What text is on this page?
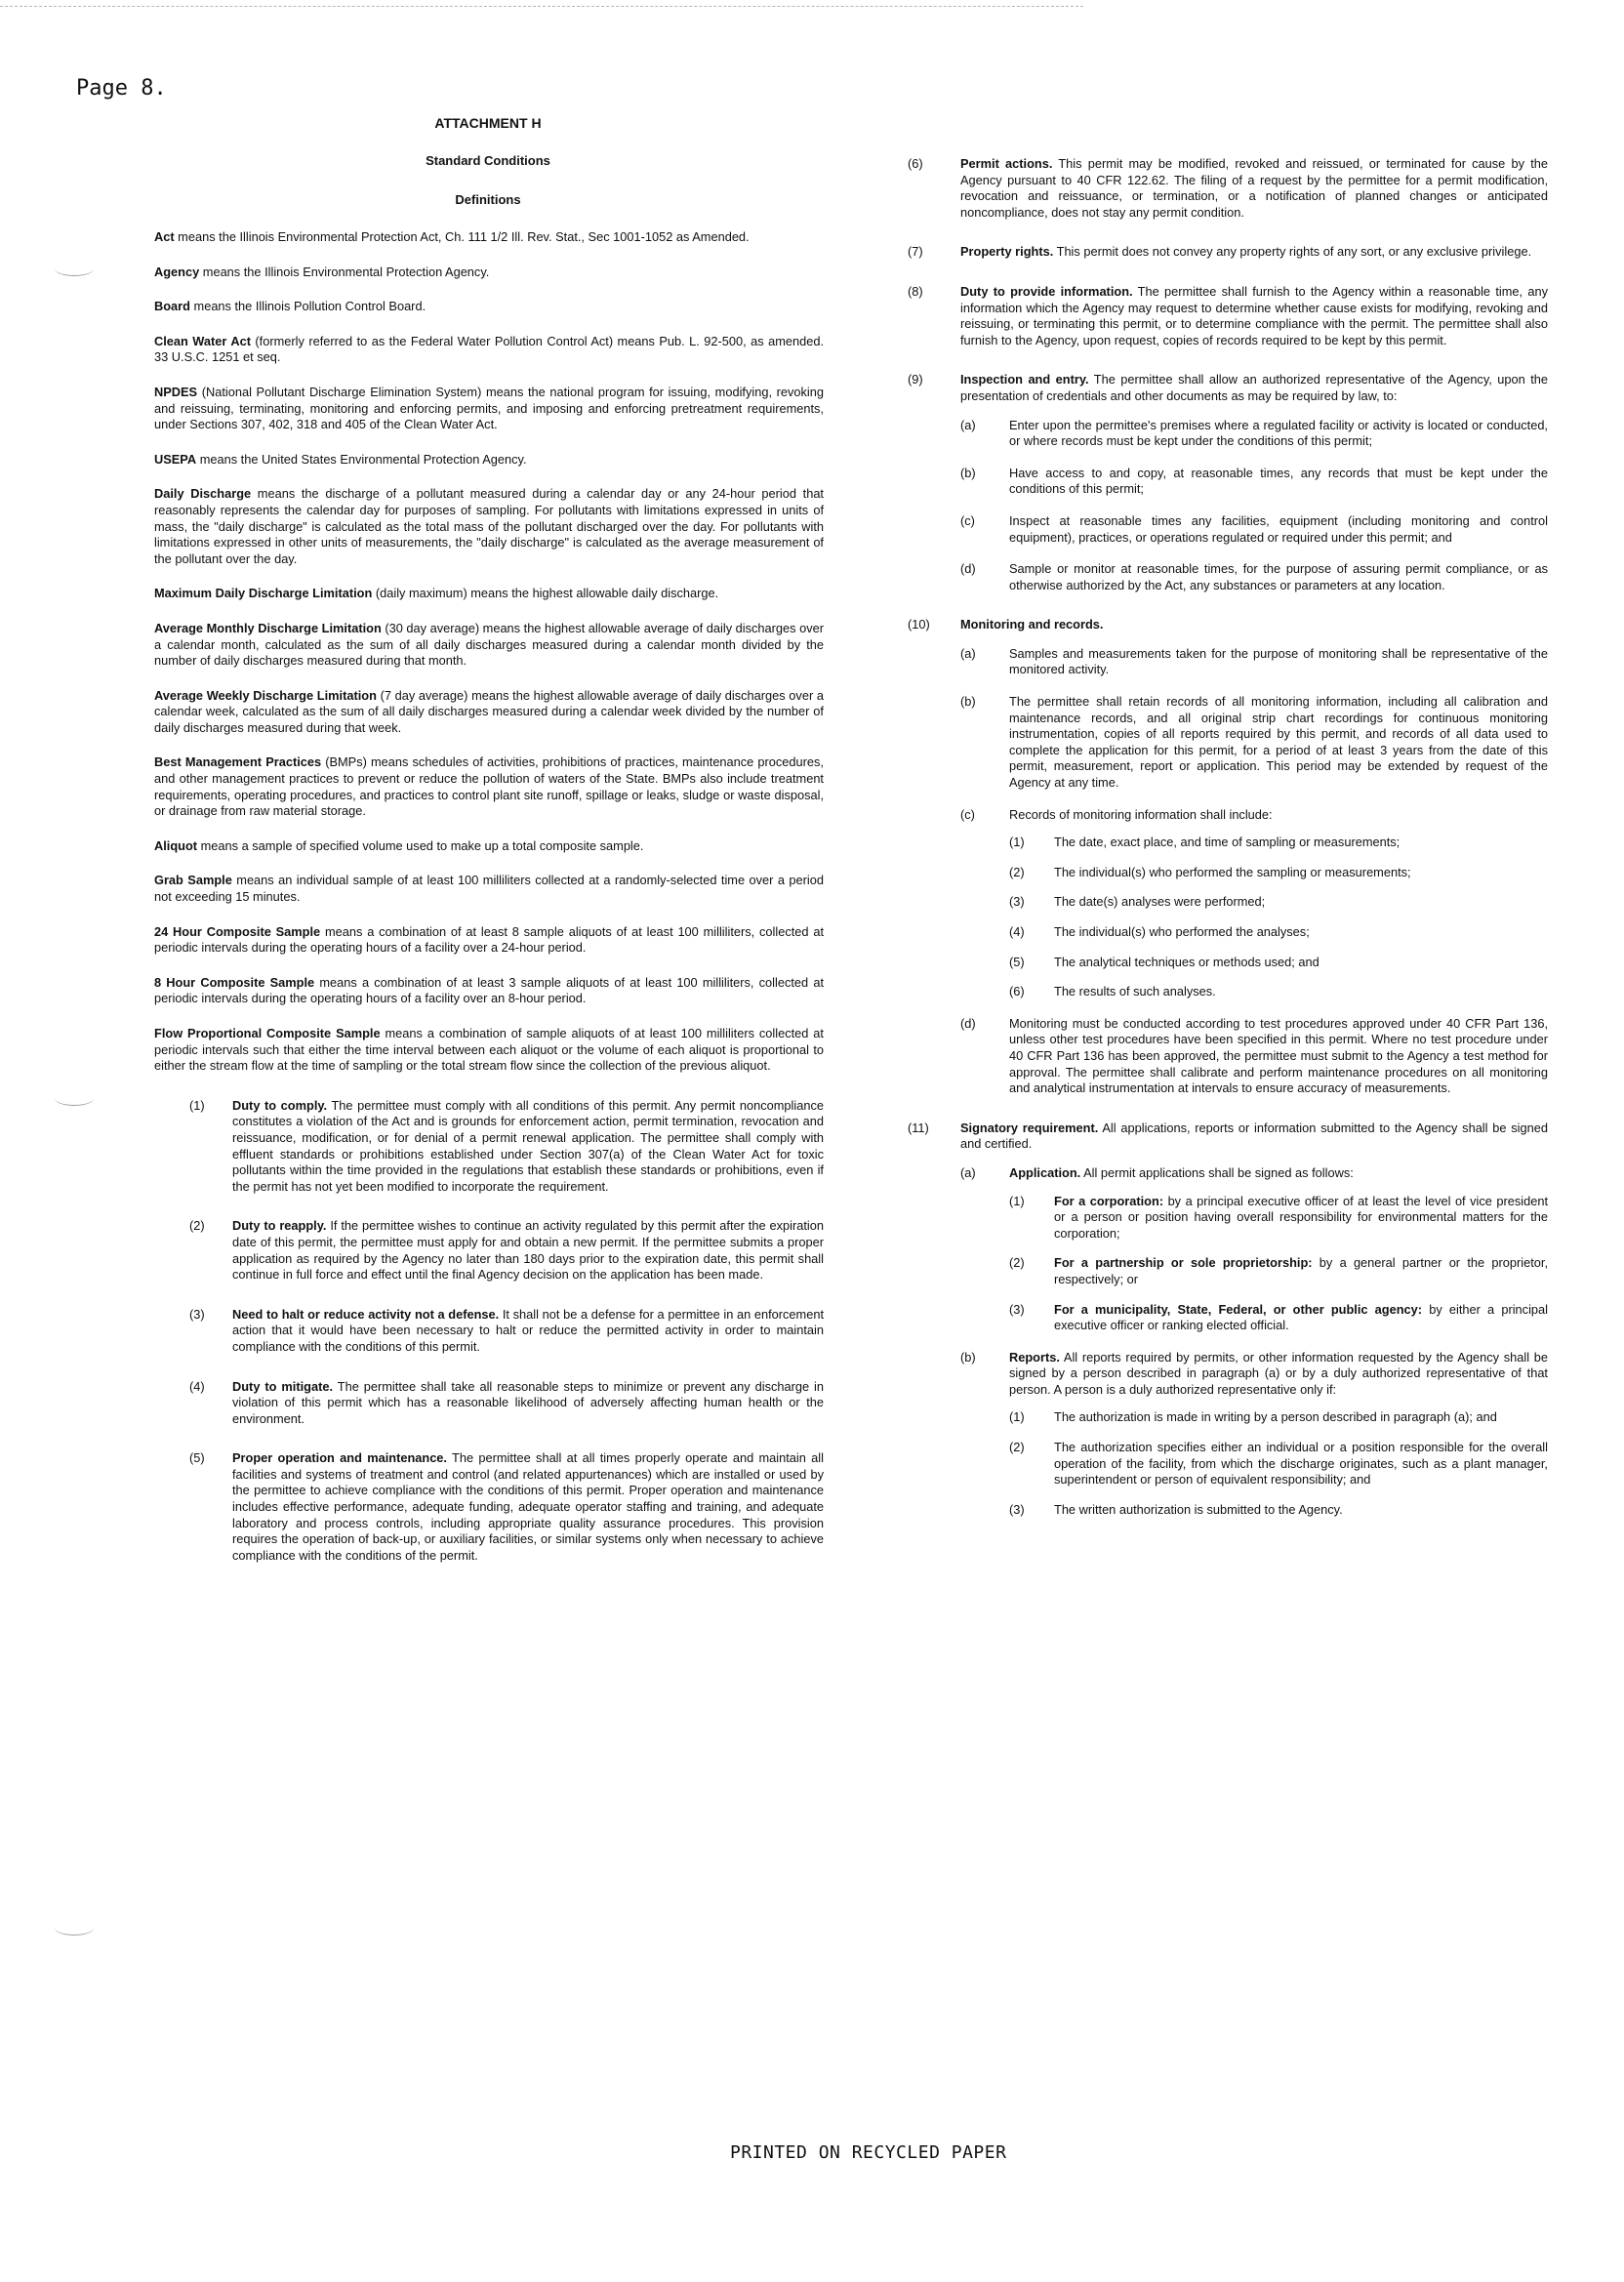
Page 8.
ATTACHMENT H
Standard Conditions
Definitions

Act means the Illinois Environmental Protection Act, Ch. 111 1/2 Ill. Rev. Stat., Sec 1001-1052 as Amended.

Agency means the Illinois Environmental Protection Agency.

Board means the Illinois Pollution Control Board.

Clean Water Act (formerly referred to as the Federal Water Pollution Control Act) means Pub. L. 92-500, as amended. 33 U.S.C. 1251 et seq.

NPDES (National Pollutant Discharge Elimination System) means the national program for issuing, modifying, revoking and reissuing, terminating, monitoring and enforcing permits, and imposing and enforcing pretreatment requirements, under Sections 307, 402, 318 and 405 of the Clean Water Act.

USEPA means the United States Environmental Protection Agency.

Daily Discharge means the discharge of a pollutant measured during a calendar day or any 24-hour period that reasonably represents the calendar day for purposes of sampling. For pollutants with limitations expressed in units of mass, the "daily discharge" is calculated as the total mass of the pollutant discharged over the day. For pollutants with limitations expressed in other units of measurements, the "daily discharge" is calculated as the average measurement of the pollutant over the day.

Maximum Daily Discharge Limitation (daily maximum) means the highest allowable daily discharge.

Average Monthly Discharge Limitation (30 day average) means the highest allowable average of daily discharges over a calendar month, calculated as the sum of all daily discharges measured during a calendar month divided by the number of daily discharges measured during that month.

Average Weekly Discharge Limitation (7 day average) means the highest allowable average of daily discharges over a calendar week, calculated as the sum of all daily discharges measured during a calendar week divided by the number of daily discharges measured during that week.

Best Management Practices (BMPs) means schedules of activities, prohibitions of practices, maintenance procedures, and other management practices to prevent or reduce the pollution of waters of the State. BMPs also include treatment requirements, operating procedures, and practices to control plant site runoff, spillage or leaks, sludge or waste disposal, or drainage from raw material storage.

Aliquot means a sample of specified volume used to make up a total composite sample.

Grab Sample means an individual sample of at least 100 milliliters collected at a randomly-selected time over a period not exceeding 15 minutes.

24 Hour Composite Sample means a combination of at least 8 sample aliquots of at least 100 milliliters, collected at periodic intervals during the operating hours of a facility over a 24-hour period.

8 Hour Composite Sample means a combination of at least 3 sample aliquots of at least 100 milliliters, collected at periodic intervals during the operating hours of a facility over an 8-hour period.

Flow Proportional Composite Sample means a combination of sample aliquots of at least 100 milliliters collected at periodic intervals such that either the time interval between each aliquot or the volume of each aliquot is proportional to either the stream flow at the time of sampling or the total stream flow since the collection of the previous aliquot.

(1) Duty to comply. The permittee must comply with all conditions of this permit. Any permit noncompliance constitutes a violation of the Act and is grounds for enforcement action, permit termination, revocation and reissuance, modification, or for denial of a permit renewal application. The permittee shall comply with effluent standards or prohibitions established under Section 307(a) of the Clean Water Act for toxic pollutants within the time provided in the regulations that establish these standards or prohibitions, even if the permit has not yet been modified to incorporate the requirement.
(2) Duty to reapply. If the permittee wishes to continue an activity regulated by this permit after the expiration date of this permit, the permittee must apply for and obtain a new permit. If the permittee submits a proper application as required by the Agency no later than 180 days prior to the expiration date, this permit shall continue in full force and effect until the final Agency decision on the application has been made.
(3) Need to halt or reduce activity not a defense. It shall not be a defense for a permittee in an enforcement action that it would have been necessary to halt or reduce the permitted activity in order to maintain compliance with the conditions of this permit.
(4) Duty to mitigate. The permittee shall take all reasonable steps to minimize or prevent any discharge in violation of this permit which has a reasonable likelihood of adversely affecting human health or the environment.
(5) Proper operation and maintenance. The permittee shall at all times properly operate and maintain all facilities and systems of treatment and control (and related appurtenances) which are installed or used by the permittee to achieve compliance with the conditions of this permit. Proper operation and maintenance includes effective performance, adequate funding, adequate operator staffing and training, and adequate laboratory and process controls, including appropriate quality assurance procedures. This provision requires the operation of back-up, or auxiliary facilities, or similar systems only when necessary to achieve compliance with the conditions of the permit.
(6)	Permit actions. This permit may be modified, revoked and reissued, or terminated for cause by the Agency pursuant to 40 CFR 122.62. The filing of a request by the permittee for a permit modification, revocation and reissuance, or termination, or a notification of planned changes or anticipated noncompliance, does not stay any permit condition.
(7)	Property rights. This permit does not convey any property rights of any sort, or any exclusive privilege.
(8)	Duty to provide information. The permittee shall furnish to the Agency within a reasonable time, any information which the Agency may request to determine whether cause exists for modifying, revoking and reissuing, or terminating this permit, or to determine compliance with the permit. The permittee shall also furnish to the Agency, upon request, copies of records required to be kept by this permit.
(9)	Inspection and entry. The permittee shall allow an authorized representative of the Agency, upon the presentation of credentials and other documents as may be required by law, to:
(a)	Enter upon the permittee's premises where a regulated facility or activity is located or conducted, or where records must be kept under the conditions of this permit;
(b)	Have access to and copy, at reasonable times, any records that must be kept under the conditions of this permit;
(c)	Inspect at reasonable times any facilities, equipment (including monitoring and control equipment), practices, or operations regulated or required under this permit; and
(d)	Sample or monitor at reasonable times, for the purpose of assuring permit compliance, or as otherwise authorized by the Act, any substances or parameters at any location.
(10) Monitoring and records.
(a)	Samples and measurements taken for the purpose of monitoring shall be representative of the monitored activity.
(b)	The permittee shall retain records of all monitoring information, including all calibration and maintenance records, and all original strip chart recordings for continuous monitoring instrumentation, copies of all reports required by this permit, and records of all data used to complete the application for this permit, for a period of at least 3 years from the date of this permit, measurement, report or application. This period may be extended by request of the Agency at any time.
(c)	Records of monitoring information shall include:
(1) The date, exact place, and time of sampling or measurements;
(2) The individual(s) who performed the sampling or measurements;
(3) The date(s) analyses were performed;
(4) The individual(s) who performed the analyses;
(5) The analytical techniques or methods used; and
(6) The results of such analyses.
(d)	Monitoring must be conducted according to test procedures approved under 40 CFR Part 136, unless other test procedures have been specified in this permit. Where no test procedure under 40 CFR Part 136 has been approved, the permittee must submit to the Agency a test method for approval. The permittee shall calibrate and perform maintenance procedures on all monitoring and analytical instrumentation at intervals to ensure accuracy of measurements.
(11)	Signatory requirement. All applications, reports or information submitted to the Agency shall be signed and certified.
(a)	Application. All permit applications shall be signed as follows:
(1) For a corporation: by a principal executive officer of at least the level of vice president or a person or position having overall responsibility for environmental matters for the corporation;
(2) For a partnership or sole proprietorship: by a general partner or the proprietor, respectively; or
(3) For a municipality, State, Federal, or other public agency: by either a principal executive officer or ranking elected official.
(b)	Reports. All reports required by permits, or other information requested by the Agency shall be signed by a person described in paragraph (a) or by a duly authorized representative of that person. A person is a duly authorized representative only if:
(1) The authorization is made in writing by a person described in paragraph (a); and
(2) The authorization specifies either an individual or a position responsible for the overall operation of the facility, from which the discharge originates, such as a plant manager, superintendent or person of equivalent responsibility; and
(3) The written authorization is submitted to the Agency.
PRINTED ON RECYCLED PAPER
